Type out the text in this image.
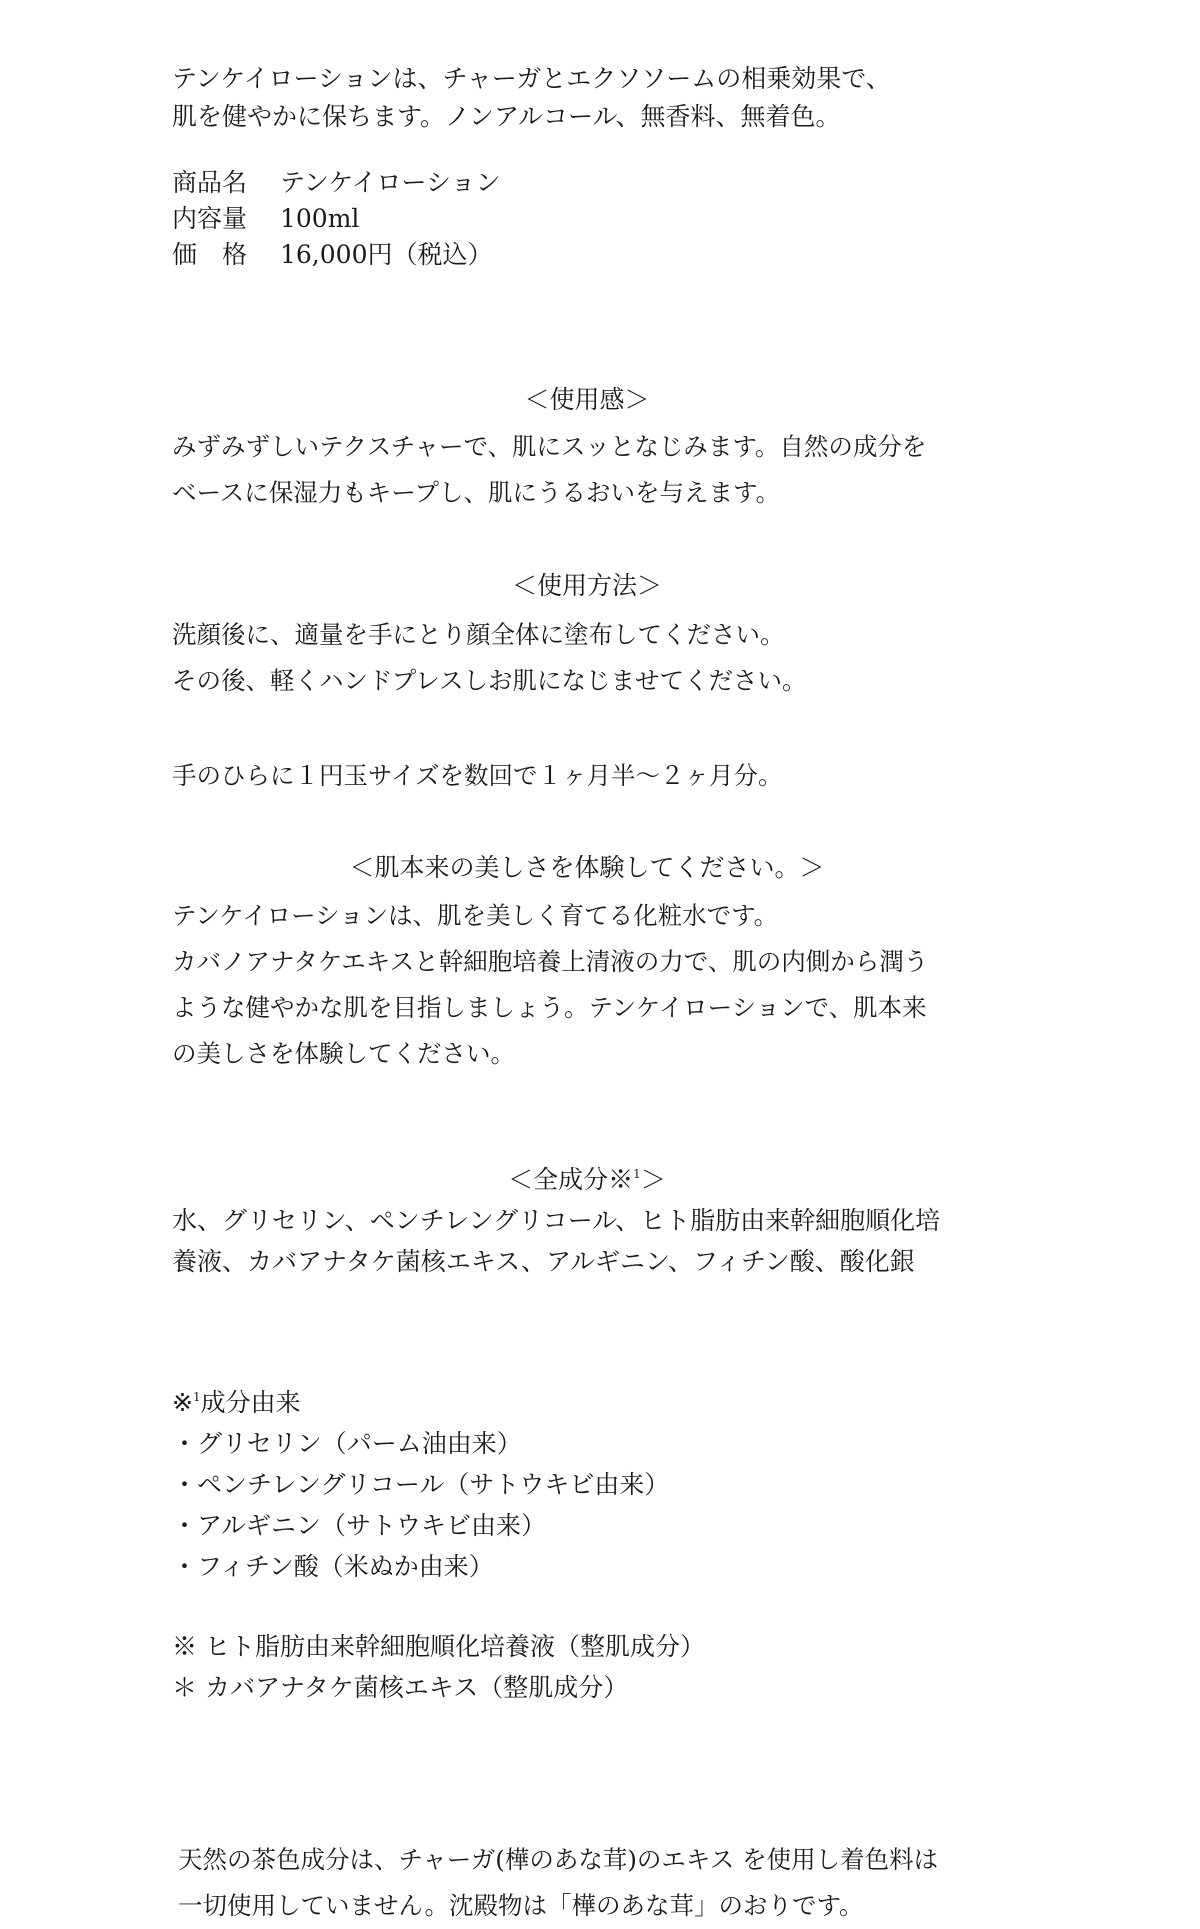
テンケイローションは、チャーガとエクソソームの相乗効果で、

肌を健やかに保ちます。ノンアルコール、無香料、無着色。

商品名	テンケイローション
内容量	100ml
価　格	16,000円（税込）
＜使用感＞

みずみずしいテクスチャーで、肌にスッとなじみます。自然の成分を

ベースに保湿力もキープし、肌にうるおいを与えます。

＜使用方法＞

洗顔後に、適量を手にとり顔全体に塗布してください。

その後、軽くハンドプレスしお肌になじませてください。

手のひらに１円玉サイズを数回で１ヶ月半〜２ヶ月分。

＜肌本来の美しさを体験してください。＞

テンケイローションは、肌を美しく育てる化粧水です。

カバノアナタケエキスと幹細胞培養上清液の力で、肌の内側から潤う

ような健やかな肌を目指しましょう。テンケイローションで、肌本来

の美しさを体験してください。

＜全成分※$^1$＞

水、グリセリン、ペンチレングリコール、ヒト脂肪由来幹細胞順化培

養液、カバアナタケ菌核エキス、アルギニン、フィチン酸、酸化銀

※$^1$成分由来

・グリセリン（パーム油由来）

・ペンチレングリコール（サトウキビ由来）

・アルギニン（サトウキビ由来）

・フィチン酸（米ぬか由来）

※ ヒト脂肪由来幹細胞順化培養液（整肌成分）

＊ カバアナタケ菌核エキス（整肌成分）

天然の茶色成分は、チャーガ(樺のあな茸)のエキス を使用し着色料は

一切使用していません。沈殿物は「樺のあな茸」のおりです。
